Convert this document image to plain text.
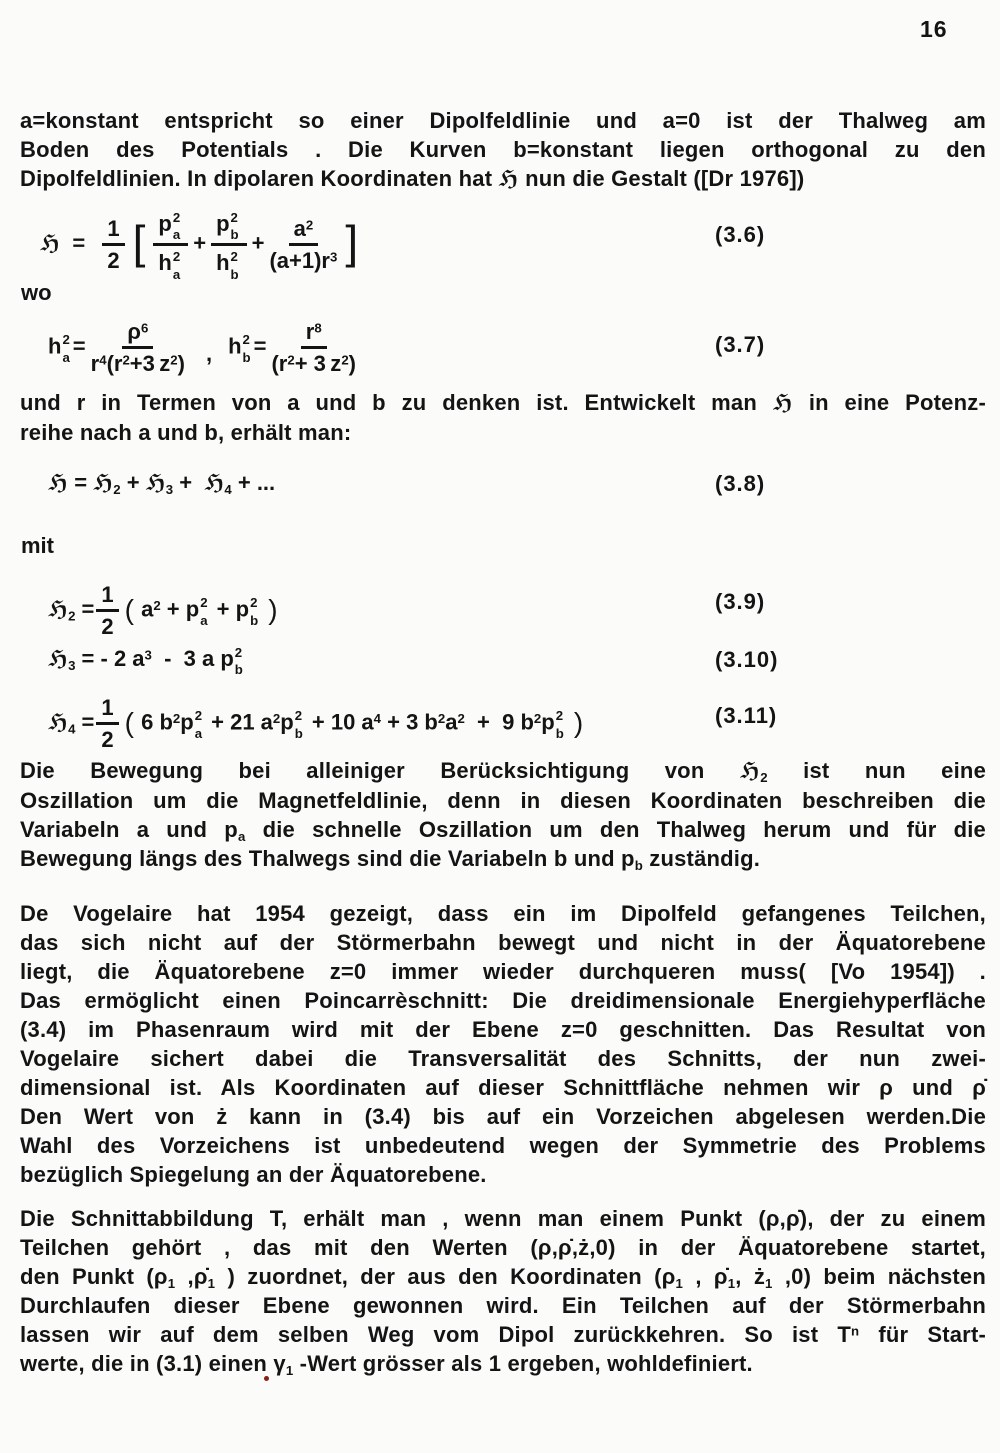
16
a=konstant entspricht so einer Dipolfeldlinie und a=0 ist der Thalweg am
Boden des Potentials . Die Kurven b=konstant liegen orthogonal zu den
Dipolfeldlinien. In dipolaren Koordinaten hat ℌ nun die Gestalt ([Dr 1976])
ℌ  = $\frac{1}{2}$ [ p 2
a
h 2
a + p 2
b
h 2
$b + \frac{a^2}{(a+1)r^3}$ ]	(3.6)
wo
h 2
$a = \frac{\rho^6}{r^4(r^2+3 z^2)}$ , h 2
$b = \frac{r^8}{(r^2+ 3 z^2)}$	(3.7)
und r in Termen von a und b zu denken ist. Entwickelt man ℌ in eine Potenz-
reihe nach a und b, erhält man:
ℌ = ℌ$_2$ + ℌ$_3$ +  ℌ$_4$ + ...	(3.8)
mit
ℌ$_2$ = $\frac{1}{2}$ ( $a^2 + p$ 2
a + p 2
b )	(3.9)
ℌ$_3$ = - 2 $a^3 - 3$ a p 2
b	(3.10)
ℌ$_4$ = $\frac{1}{2}$ ( 6 $b^2p$ 2
a + 21 $a^2p$ 2
b + 10 $a^4 + 3$ $b^2a^2 + 9$ $b^2p$ 2
b )	(3.11)
Die Bewegung bei alleiniger Berücksichtigung von ℌ$_2$ ist nun eine
Oszillation um die Magnetfeldlinie, denn in diesen Koordinaten beschreiben die
Variabeln a und $p_a$ die schnelle Oszillation um den Thalweg herum und für die
Bewegung längs des Thalwegs sind die Variabeln b und $p_b$ zuständig.
De Vogelaire hat 1954 gezeigt, dass ein im Dipolfeld gefangenes Teilchen,
das sich nicht auf der Störmerbahn bewegt und nicht in der Äquatorebene
liegt, die Äquatorebene z=0 immer wieder durchqueren muss( [Vo 1954]) .
Das ermöglicht einen Poincarrèschnitt: Die dreidimensionale Energiehyperfläche
(3.4) im Phasenraum wird mit der Ebene z=0 geschnitten. Das Resultat von
Vogelaire sichert dabei die Transversalität des Schnitts, der nun zwei-
dimensional ist. Als Koordinaten auf dieser Schnittfläche nehmen wir ρ und ρ̇
Den Wert von ż kann in (3.4) bis auf ein Vorzeichen abgelesen werden.Die
Wahl des Vorzeichens ist unbedeutend wegen der Symmetrie des Problems
bezüglich Spiegelung an der Äquatorebene.
Die Schnittabbildung T, erhält man , wenn man einem Punkt (ρ,ρ̇), der zu einem
Teilchen gehört , das mit den Werten (ρ,ρ̇,ż,0) in der Äquatorebene startet,
den Punkt ($\rho_1$ $,\rhȯ_1$ ) zuordnet, der aus den Koordinaten ($\rho_1$ , $\rhȯ_1$, $ż_1$ ,0) beim nächsten
Durchlaufen dieser Ebene gewonnen wird. Ein Teilchen auf der Störmerbahn
lassen wir auf dem selben Weg vom Dipol zurückkehren. So ist $T^n$ für Start-
werte, die in (3.1) einen $\gamma_1$ -Wert grösser als 1 ergeben, wohldefiniert.
